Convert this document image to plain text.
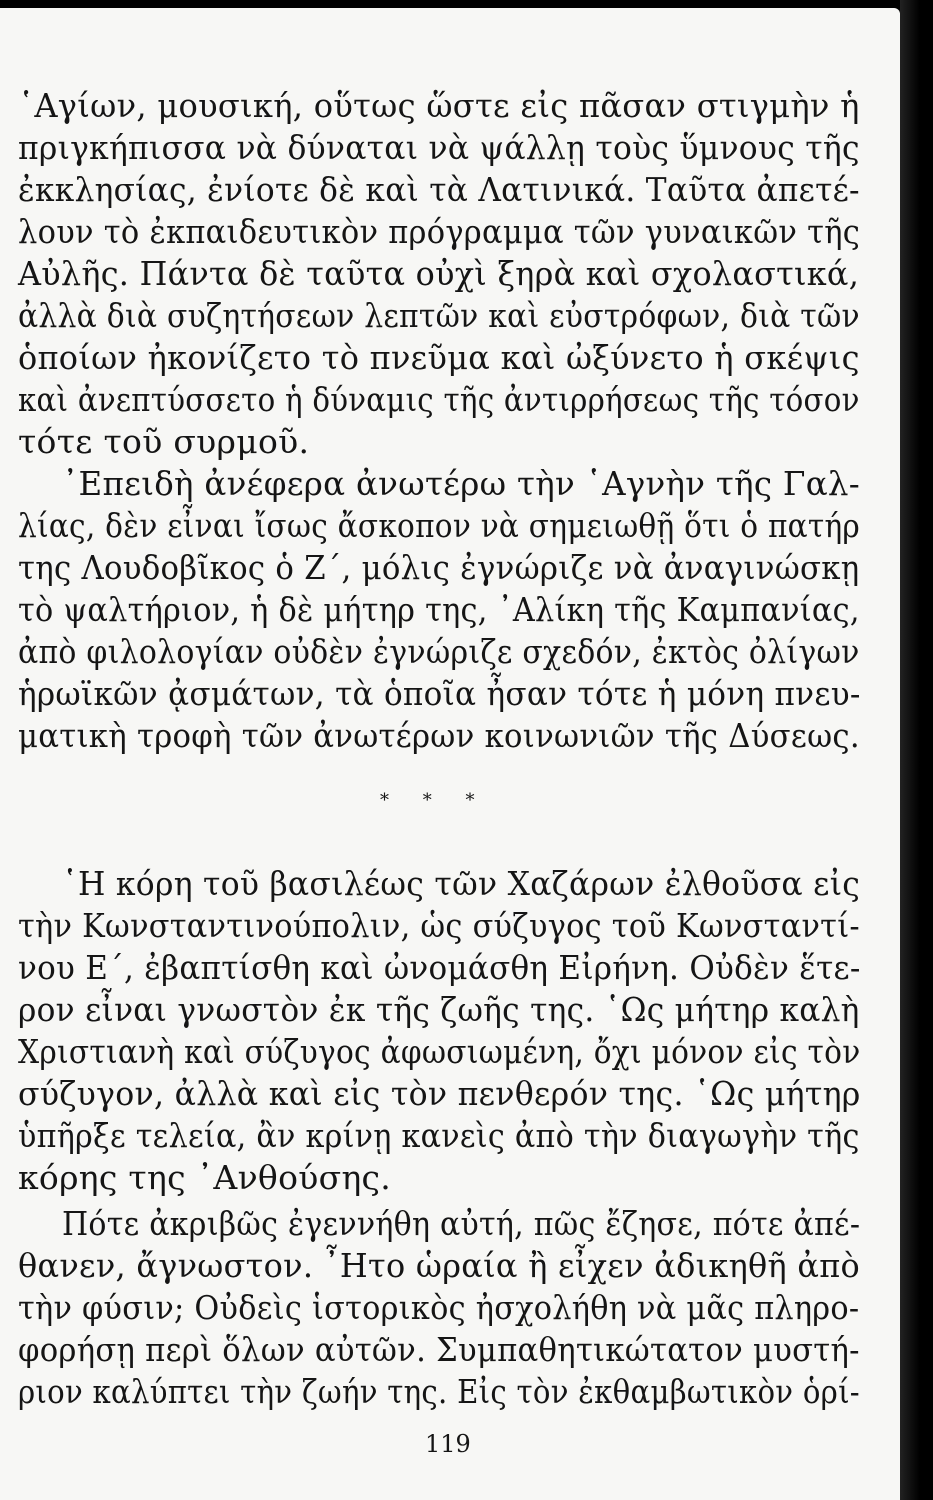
῾Αγίων, μουσική, οὕτως ὥστε εἰς πᾶσαν στιγμὴν ἡ
πριγκήπισσα νὰ δύναται νὰ ψάλλῃ τοὺς ὕμνους τῆς
ἐκκλησίας, ἐνίοτε δὲ καὶ τὰ Λατινικά. Ταῦτα ἀπετέ-
λουν τὸ ἐκπαιδευτικὸν πρόγραμμα τῶν γυναικῶν τῆς
Αὐλῆς. Πάντα δὲ ταῦτα οὐχὶ ξηρὰ καὶ σχολαστικά,
ἀλλὰ διὰ συζητήσεων λεπτῶν καὶ εὐστρόφων, διὰ τῶν
ὁποίων ἠκονίζετο τὸ πνεῦμα καὶ ὠξύνετο ἡ σκέψις
καὶ ἀνεπτύσσετο ἡ δύναμις τῆς ἀντιρρήσεως τῆς τόσον
τότε τοῦ συρμοῦ.
᾿Επειδὴ ἀνέφερα ἀνωτέρω τὴν ῾Αγνὴν τῆς Γαλ-
λίας, δὲν εἶναι ἴσως ἄσκοπον νὰ σημειωθῇ ὅτι ὁ πατήρ
της Λουδοβῖκος ὁ Ζ΄, μόλις ἐγνώριζε νὰ ἀναγινώσκῃ
τὸ ψαλτήριον, ἡ δὲ μήτηρ της, ᾿Αλίκη τῆς Καμπανίας,
ἀπὸ φιλολογίαν οὐδὲν ἐγνώριζε σχεδόν, ἐκτὸς ὀλίγων
ἡρωϊκῶν ᾀσμάτων, τὰ ὁποῖα ἦσαν τότε ἡ μόνη πνευ-
ματικὴ τροφὴ τῶν ἀνωτέρων κοινωνιῶν τῆς Δύσεως.
* * *
῾Η κόρη τοῦ βασιλέως τῶν Χαζάρων ἐλθοῦσα εἰς
τὴν Κωνσταντινούπολιν, ὡς σύζυγος τοῦ Κωνσταντί-
νου Ε΄, ἐβαπτίσθη καὶ ὠνομάσθη Εἰρήνη. Οὐδὲν ἕτε-
ρον εἶναι γνωστὸν ἐκ τῆς ζωῆς της. ῾Ως μήτηρ καλὴ
Χριστιανὴ καὶ σύζυγος ἀφωσιωμένη, ὄχι μόνον εἰς τὸν
σύζυγον, ἀλλὰ καὶ εἰς τὸν πενθερόν της. ῾Ως μήτηρ
ὑπῆρξε τελεία, ἂν κρίνῃ κανεὶς ἀπὸ τὴν διαγωγὴν τῆς
κόρης της ᾿Ανθούσης.
Πότε ἀκριβῶς ἐγεννήθη αὐτή, πῶς ἔζησε, πότε ἀπέ-
θανεν, ἄγνωστον. ῏Ητο ὡραία ἢ εἶχεν ἀδικηθῆ ἀπὸ
τὴν φύσιν; Οὐδεὶς ἱστορικὸς ἠσχολήθη νὰ μᾶς πληρο-
φορήσῃ περὶ ὅλων αὐτῶν. Συμπαθητικώτατον μυστή-
ριον καλύπτει τὴν ζωήν της. Εἰς τὸν ἐκθαμβωτικὸν ὁρί-
119
